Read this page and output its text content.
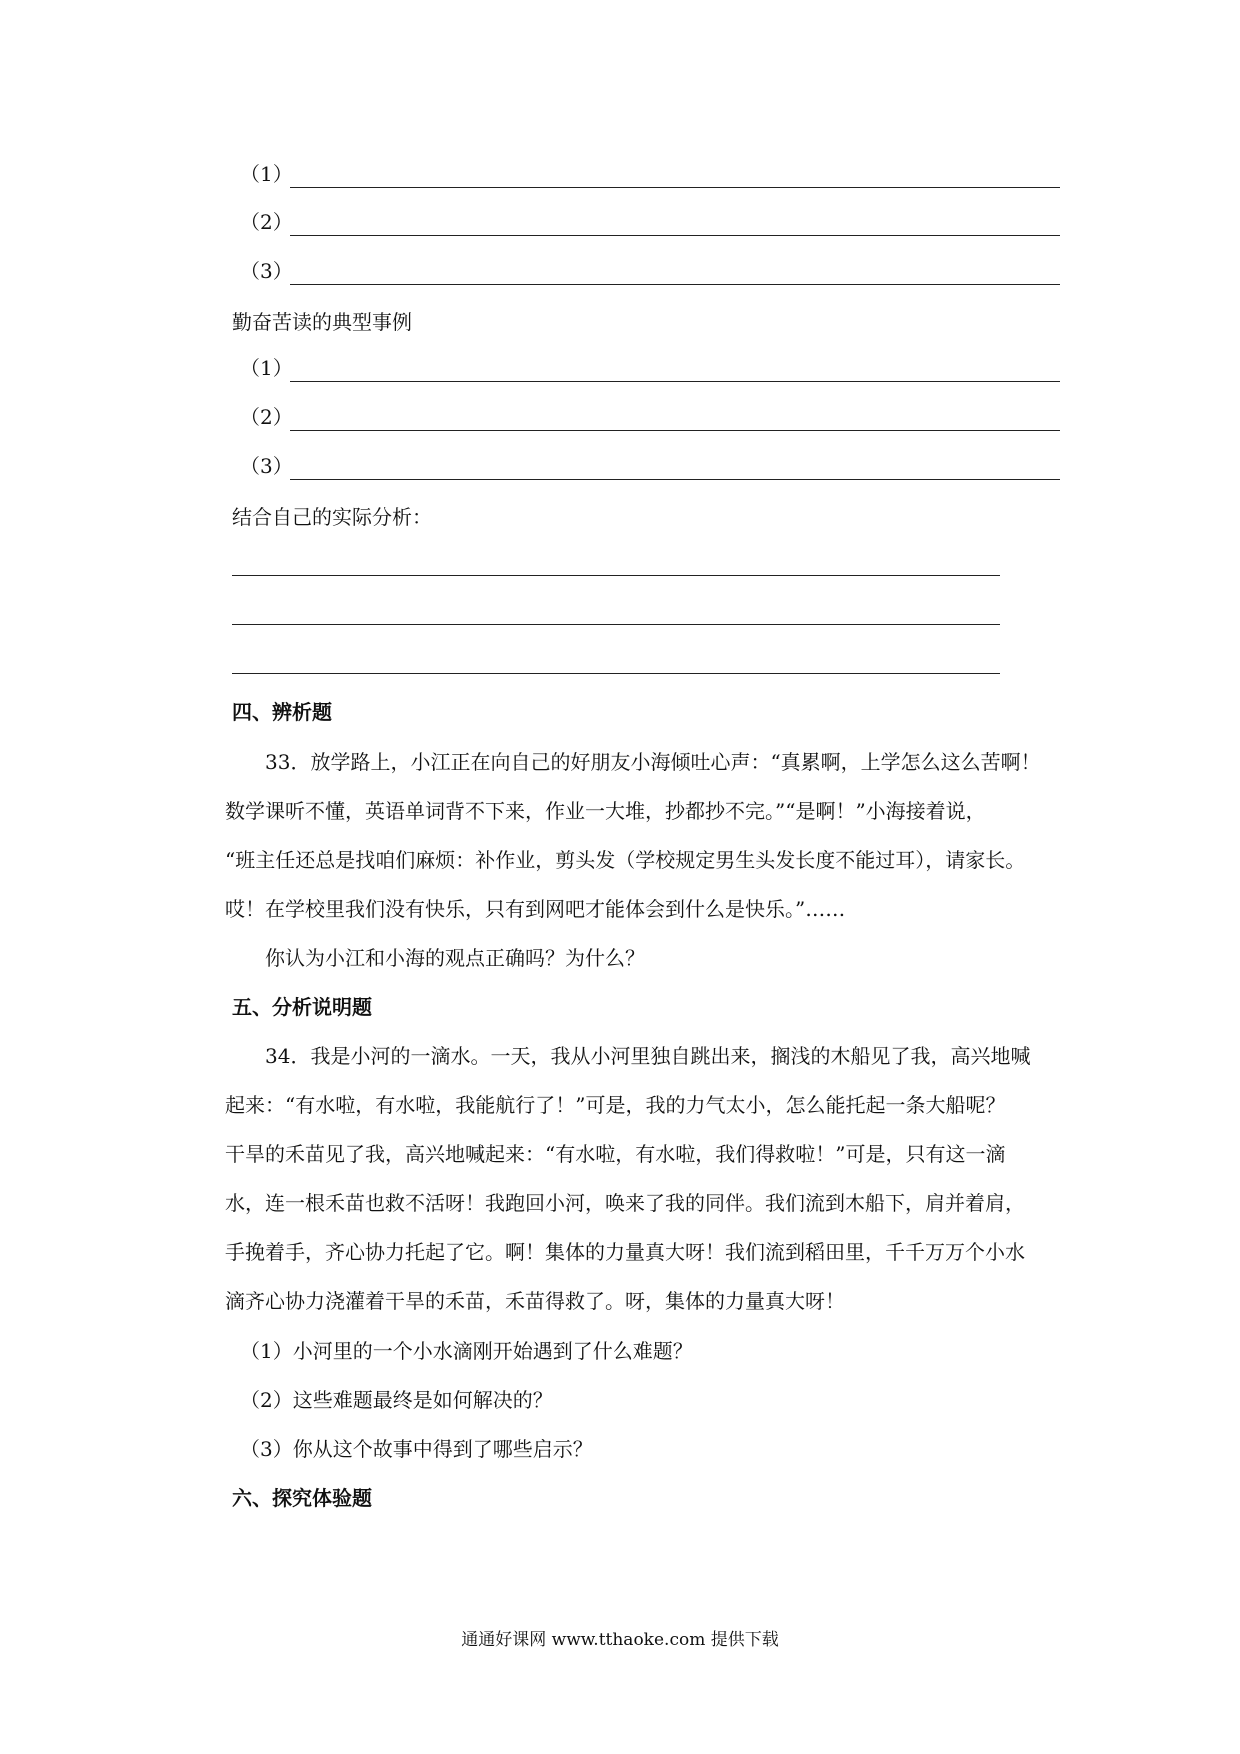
（1）
（2）
（3）
勤奋苦读的典型事例
（1）
（2）
（3）
结合自己的实际分析：
四、辨析题
33．放学路上，小江正在向自己的好朋友小海倾吐心声：“真累啊，上学怎么这么苦啊！
数学课听不懂，英语单词背不下来，作业一大堆，抄都抄不完。”“是啊！”小海接着说，
“班主任还总是找咱们麻烦：补作业，剪头发（学校规定男生头发长度不能过耳），请家长。
哎！在学校里我们没有快乐，只有到网吧才能体会到什么是快乐。”……
你认为小江和小海的观点正确吗？为什么？
五、分析说明题
34．我是小河的一滴水。一天，我从小河里独自跳出来，搁浅的木船见了我，高兴地喊
起来：“有水啦，有水啦，我能航行了！”可是，我的力气太小，怎么能托起一条大船呢？
干旱的禾苗见了我，高兴地喊起来：“有水啦，有水啦，我们得救啦！”可是，只有这一滴
水，连一根禾苗也救不活呀！我跑回小河，唤来了我的同伴。我们流到木船下，肩并着肩，
手挽着手，齐心协力托起了它。啊！集体的力量真大呀！我们流到稻田里，千千万万个小水
滴齐心协力浇灌着干旱的禾苗，禾苗得救了。呀，集体的力量真大呀！
（1）小河里的一个小水滴刚开始遇到了什么难题？
（2）这些难题最终是如何解决的？
（3）你从这个故事中得到了哪些启示？
六、探究体验题
通通好课网 www.tthaoke.com 提供下载
